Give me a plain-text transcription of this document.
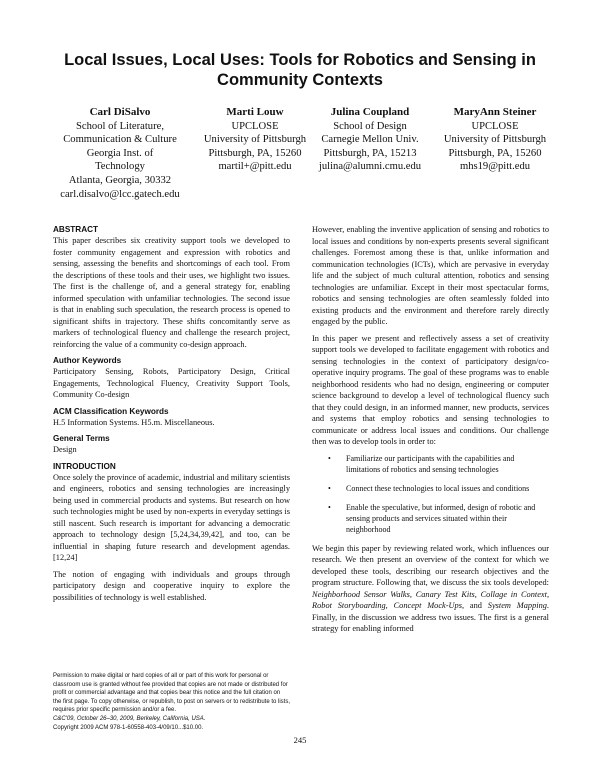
Local Issues, Local Uses: Tools for Robotics and Sensing in Community Contexts
Carl DiSalvo
School of Literature,
Communication & Culture
Georgia Inst. of
Technology
Atlanta, Georgia, 30332
carl.disalvo@lcc.gatech.edu
Marti Louw
UPCLOSE
University of Pittsburgh
Pittsburgh, PA, 15260
martil+@pitt.edu
Julina Coupland
School of Design
Carnegie Mellon Univ.
Pittsburgh, PA, 15213
julina@alumni.cmu.edu
MaryAnn Steiner
UPCLOSE
University of Pittsburgh
Pittsburgh, PA, 15260
mhs19@pitt.edu
ABSTRACT

This paper describes six creativity support tools we developed to foster community engagement and expression with robotics and sensing, assessing the benefits and shortcomings of each tool. From the descriptions of these tools and their uses, we highlight two issues. The first is the challenge of, and a general strategy for, enabling informed speculation with unfamiliar technologies. The second issue is that in enabling such speculation, the research process is opened to significant shifts in trajectory. These shifts concomitantly serve as markers of technological fluency and challenge the research project, reinforcing the value of a community co-design approach.

Author Keywords

Participatory Sensing, Robots, Participatory Design, Critical Engagements, Technological Fluency, Creativity Support Tools, Community Co-design

ACM Classification Keywords

H.5 Information Systems. H5.m. Miscellaneous.

General Terms

Design

INTRODUCTION

Once solely the province of academic, industrial and military scientists and engineers, robotics and sensing technologies are increasingly being used in commercial products and systems. But research on how such technologies might be used by non-experts in everyday settings is still nascent. Such research is important for advancing a democratic approach to technology design [5,24,34,39,42], and too, can be influential in shaping future research and development agendas. [12,24]

The notion of engaging with individuals and groups through participatory design and cooperative inquiry to explore the possibilities of technology is well established.

Permission to make digital or hard copies of all or part of this work for personal or classroom use is granted without fee provided that copies are not made or distributed for profit or commercial advantage and that copies bear this notice and the full citation on the first page. To copy otherwise, or republish, to post on servers or to redistribute to lists, requires prior specific permission and/or a fee.

C&C'09, October 26–30, 2009, Berkeley, California, USA.

Copyright 2009 ACM 978-1-60558-403-4/09/10...$10.00.

However, enabling the inventive application of sensing and robotics to local issues and conditions by non-experts presents several significant challenges. Foremost among these is that, unlike information and communication technologies (ICTs), which are pervasive in everyday life and the subject of much cultural attention, robotics and sensing technologies are unfamiliar. Except in their most spectacular forms, robotics and sensing technologies are often seamlessly folded into existing products and the environment and therefore rarely directly engaged by the public.

In this paper we present and reflectively assess a set of creativity support tools we developed to facilitate engagement with robotics and sensing technologies in the context of participatory design/co-operative inquiry programs. The goal of these programs was to enable neighborhood residents who had no design, engineering or computer science background to develop a level of technological fluency such that they could design, in an informed manner, new products, services and systems that employ robotics and sensing technologies to communicate or address local issues and conditions. Our challenge then was to develop tools in order to:

• Familiarize our participants with the capabilities and limitations of robotics and sensing technologies
• Connect these technologies to local issues and conditions
• Enable the speculative, but informed, design of robotic and sensing products and services situated within their neighborhood

We begin this paper by reviewing related work, which influences our research. We then present an overview of the context for which we developed these tools, describing our research objectives and the program structure. Following that, we discuss the six tools developed: Neighborhood Sensor Walks, Canary Test Kits, Collage in Context, Robot Storyboarding, Concept Mock-Ups, and System Mapping. Finally, in the discussion we address two issues. The first is a general strategy for enabling informed

245
